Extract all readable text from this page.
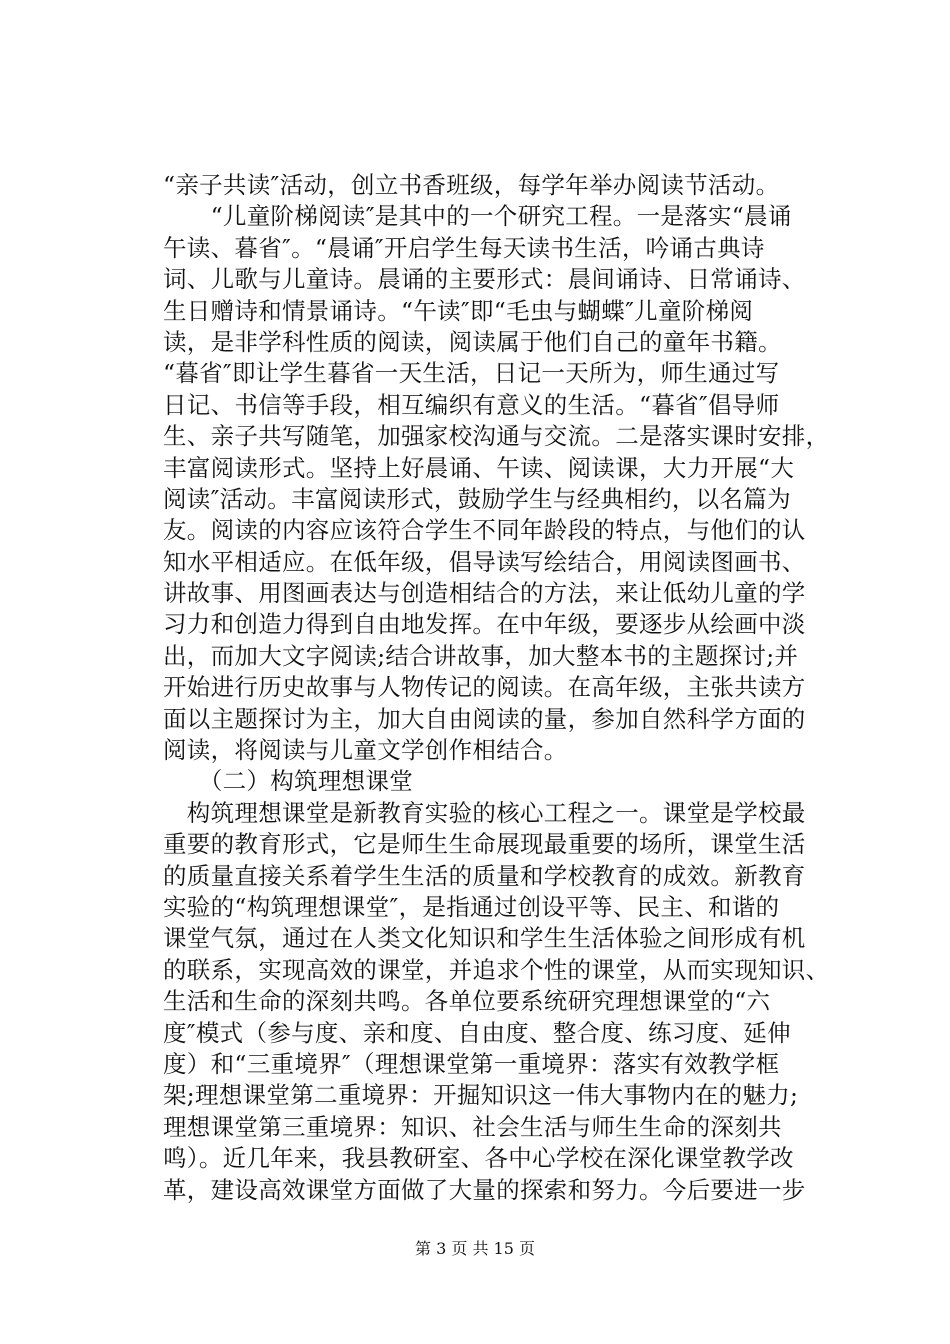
“亲子共读″活动，创立书香班级，每学年举办阅读节活动。
　　“儿童阶梯阅读″是其中的一个研究工程。一是落实“晨诵
午读、暮省″。“晨诵″开启学生每天读书生活，吟诵古典诗
词、儿歌与儿童诗。晨诵的主要形式：晨间诵诗、日常诵诗、
生日赠诗和情景诵诗。“午读″即“毛虫与蝴蝶″儿童阶梯阅
读，是非学科性质的阅读，阅读属于他们自己的童年书籍。
“暮省″即让学生暮省一天生活，日记一天所为，师生通过写
日记、书信等手段，相互编织有意义的生活。“暮省″倡导师
生、亲子共写随笔，加强家校沟通与交流。二是落实课时安排，
丰富阅读形式。坚持上好晨诵、午读、阅读课，大力开展“大
阅读″活动。丰富阅读形式，鼓励学生与经典相约，以名篇为
友。阅读的内容应该符合学生不同年龄段的特点，与他们的认
知水平相适应。在低年级，倡导读写绘结合，用阅读图画书、
讲故事、用图画表达与创造相结合的方法，来让低幼儿童的学
习力和创造力得到自由地发挥。在中年级，要逐步从绘画中淡
出，而加大文字阅读;结合讲故事，加大整本书的主题探讨;并
开始进行历史故事与人物传记的阅读。在高年级，主张共读方
面以主题探讨为主，加大自由阅读的量，参加自然科学方面的
阅读，将阅读与儿童文学创作相结合。
　　（二）构筑理想课堂
　构筑理想课堂是新教育实验的核心工程之一。课堂是学校最
重要的教育形式，它是师生生命展现最重要的场所，课堂生活
的质量直接关系着学生生活的质量和学校教育的成效。新教育
实验的“构筑理想课堂″，是指通过创设平等、民主、和谐的
课堂气氛，通过在人类文化知识和学生生活体验之间形成有机
的联系，实现高效的课堂，并追求个性的课堂，从而实现知识、
生活和生命的深刻共鸣。各单位要系统研究理想课堂的“六
度″模式（参与度、亲和度、自由度、整合度、练习度、延伸
度）和“三重境界″（理想课堂第一重境界：落实有效教学框
架;理想课堂第二重境界：开掘知识这一伟大事物内在的魅力;
理想课堂第三重境界：知识、社会生活与师生生命的深刻共
鸣）。近几年来，我县教研室、各中心学校在深化课堂教学改
革，建设高效课堂方面做了大量的探索和努力。今后要进一步
第 3 页 共 15 页
